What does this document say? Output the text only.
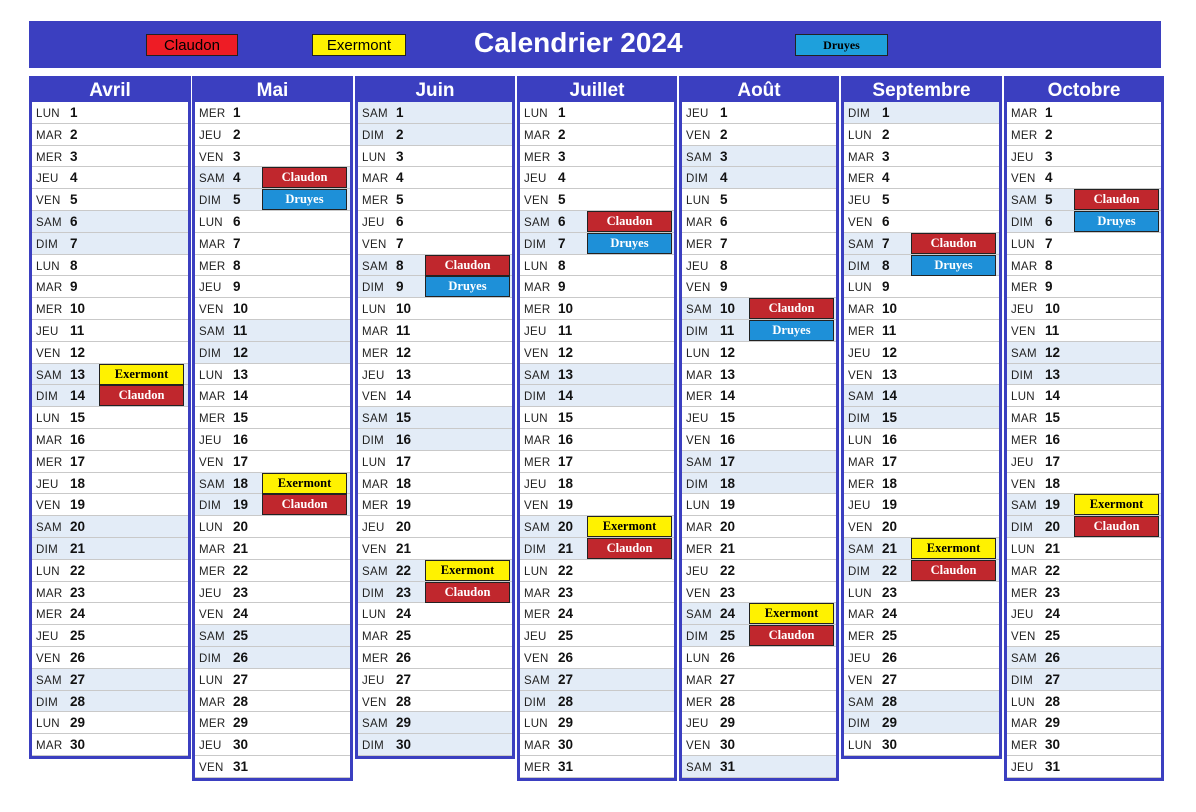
Claudon	Exermont	Calendrier 2024	Druyes
Avril
LUN 1
MAR 2
MER 3
JEU 4
VEN 5
SAM 6
DIM 7
LUN 8
MAR 9
MER 10
JEU 11
VEN 12
SAM 13	Exermont
DIM 14	Claudon
LUN 15
MAR 16
MER 17
JEU 18
VEN 19
SAM 20
DIM 21
LUN 22
MAR 23
MER 24
JEU 25
VEN 26
SAM 27
DIM 28
LUN 29
MAR 30
Mai
MER 1
JEU 2
VEN 3
SAM 4	Claudon
DIM 5	Druyes
LUN 6
MAR 7
MER 8
JEU 9
VEN 10
SAM 11
DIM 12
LUN 13
MAR 14
MER 15
JEU 16
VEN 17
SAM 18	Exermont
DIM 19	Claudon
LUN 20
MAR 21
MER 22
JEU 23
VEN 24
SAM 25
DIM 26
LUN 27
MAR 28
MER 29
JEU 30
VEN 31
Juin
SAM 1
DIM 2
LUN 3
MAR 4
MER 5
JEU 6
VEN 7
SAM 8	Claudon
DIM 9	Druyes
LUN 10
MAR 11
MER 12
JEU 13
VEN 14
SAM 15
DIM 16
LUN 17
MAR 18
MER 19
JEU 20
VEN 21
SAM 22	Exermont
DIM 23	Claudon
LUN 24
MAR 25
MER 26
JEU 27
VEN 28
SAM 29
DIM 30
Juillet
LUN 1
MAR 2
MER 3
JEU 4
VEN 5
SAM 6	Claudon
DIM 7	Druyes
LUN 8
MAR 9
MER 10
JEU 11
VEN 12
SAM 13
DIM 14
LUN 15
MAR 16
MER 17
JEU 18
VEN 19
SAM 20	Exermont
DIM 21	Claudon
LUN 22
MAR 23
MER 24
JEU 25
VEN 26
SAM 27
DIM 28
LUN 29
MAR 30
MER 31
Août
JEU 1
VEN 2
SAM 3
DIM 4
LUN 5
MAR 6
MER 7
JEU 8
VEN 9
SAM 10	Claudon
DIM 11	Druyes
LUN 12
MAR 13
MER 14
JEU 15
VEN 16
SAM 17
DIM 18
LUN 19
MAR 20
MER 21
JEU 22
VEN 23
SAM 24	Exermont
DIM 25	Claudon
LUN 26
MAR 27
MER 28
JEU 29
VEN 30
SAM 31
Septembre
DIM 1
LUN 2
MAR 3
MER 4
JEU 5
VEN 6
SAM 7	Claudon
DIM 8	Druyes
LUN 9
MAR 10
MER 11
JEU 12
VEN 13
SAM 14
DIM 15
LUN 16
MAR 17
MER 18
JEU 19
VEN 20
SAM 21	Exermont
DIM 22	Claudon
LUN 23
MAR 24
MER 25
JEU 26
VEN 27
SAM 28
DIM 29
LUN 30
Octobre
MAR 1
MER 2
JEU 3
VEN 4
SAM 5	Claudon
DIM 6	Druyes
LUN 7
MAR 8
MER 9
JEU 10
VEN 11
SAM 12
DIM 13
LUN 14
MAR 15
MER 16
JEU 17
VEN 18
SAM 19	Exermont
DIM 20	Claudon
LUN 21
MAR 22
MER 23
JEU 24
VEN 25
SAM 26
DIM 27
LUN 28
MAR 29
MER 30
JEU 31
